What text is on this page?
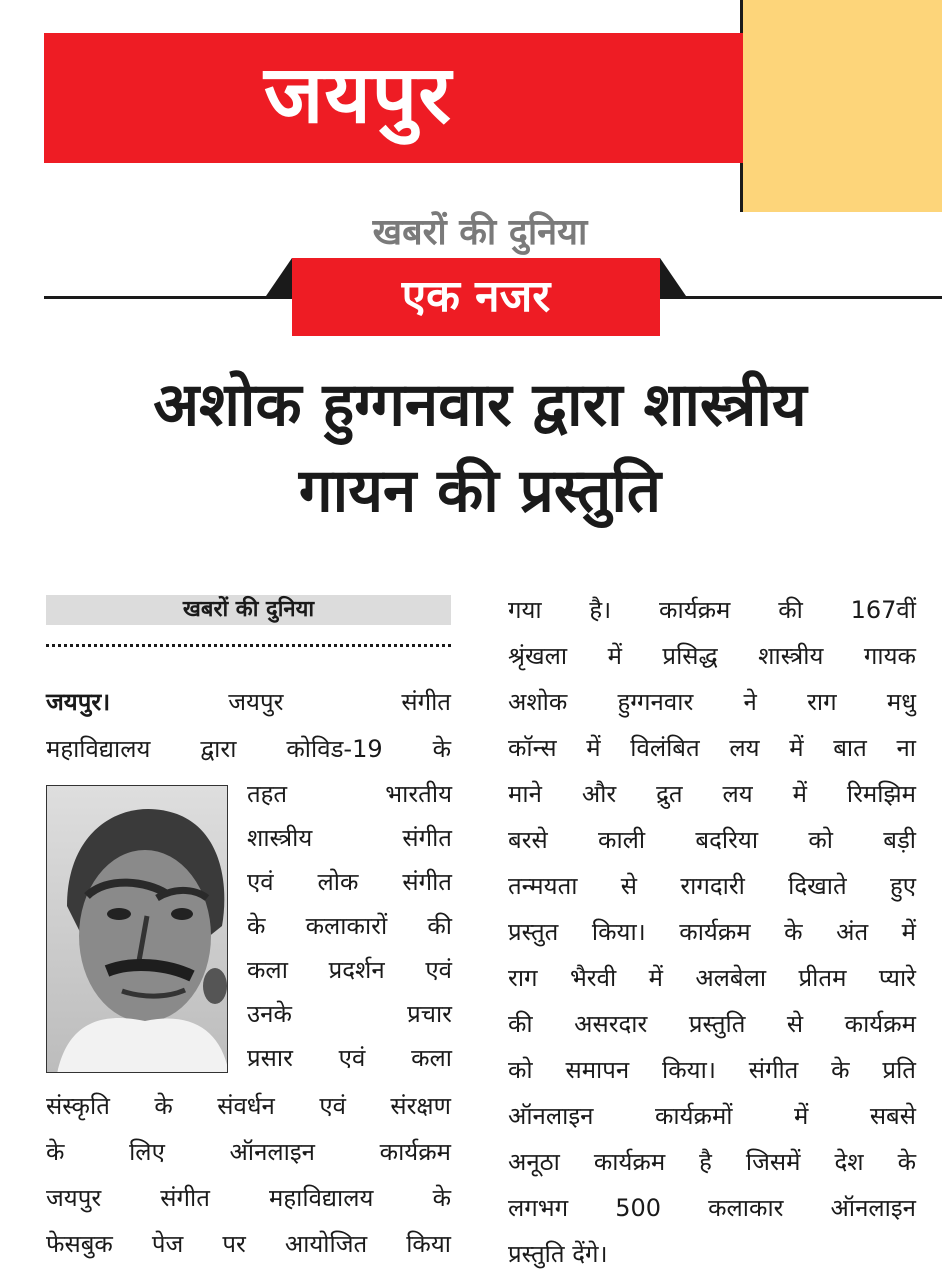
जयपुर
खबरों की दुनिया
एक नजर
अशोक हुग्गनवार द्वारा शास्त्रीय
गायन की प्रस्तुति
खबरों की दुनिया
जयपुर।	जयपुर संगीत
महाविद्यालय द्वारा कोविड-19 के
तहत भारतीय
शास्त्रीय संगीत
एवं लोक संगीत
के कलाकारों की
कला प्रदर्शन एवं
उनके प्रचार
प्रसार एवं कला
संस्कृति के संवर्धन एवं संरक्षण
के लिए ऑनलाइन कार्यक्रम
जयपुर संगीत महाविद्यालय के
फेसबुक पेज पर आयोजित किया
गया है। कार्यक्रम की 167वीं
श्रृंखला में प्रसिद्ध शास्त्रीय गायक
अशोक हुग्गनवार ने राग मधु
कॉन्स में विलंबित लय में बात ना
माने और द्रुत लय में रिमझिम
बरसे काली बदरिया को बड़ी
तन्मयता से रागदारी दिखाते हुए
प्रस्तुत किया। कार्यक्रम के अंत में
राग भैरवी में अलबेला प्रीतम प्यारे
की असरदार प्रस्तुति से कार्यक्रम
को समापन किया। संगीत के प्रति
ऑनलाइन कार्यक्रमों में सबसे
अनूठा कार्यक्रम है जिसमें देश के
लगभग 500 कलाकार ऑनलाइन
प्रस्तुति देंगे।
